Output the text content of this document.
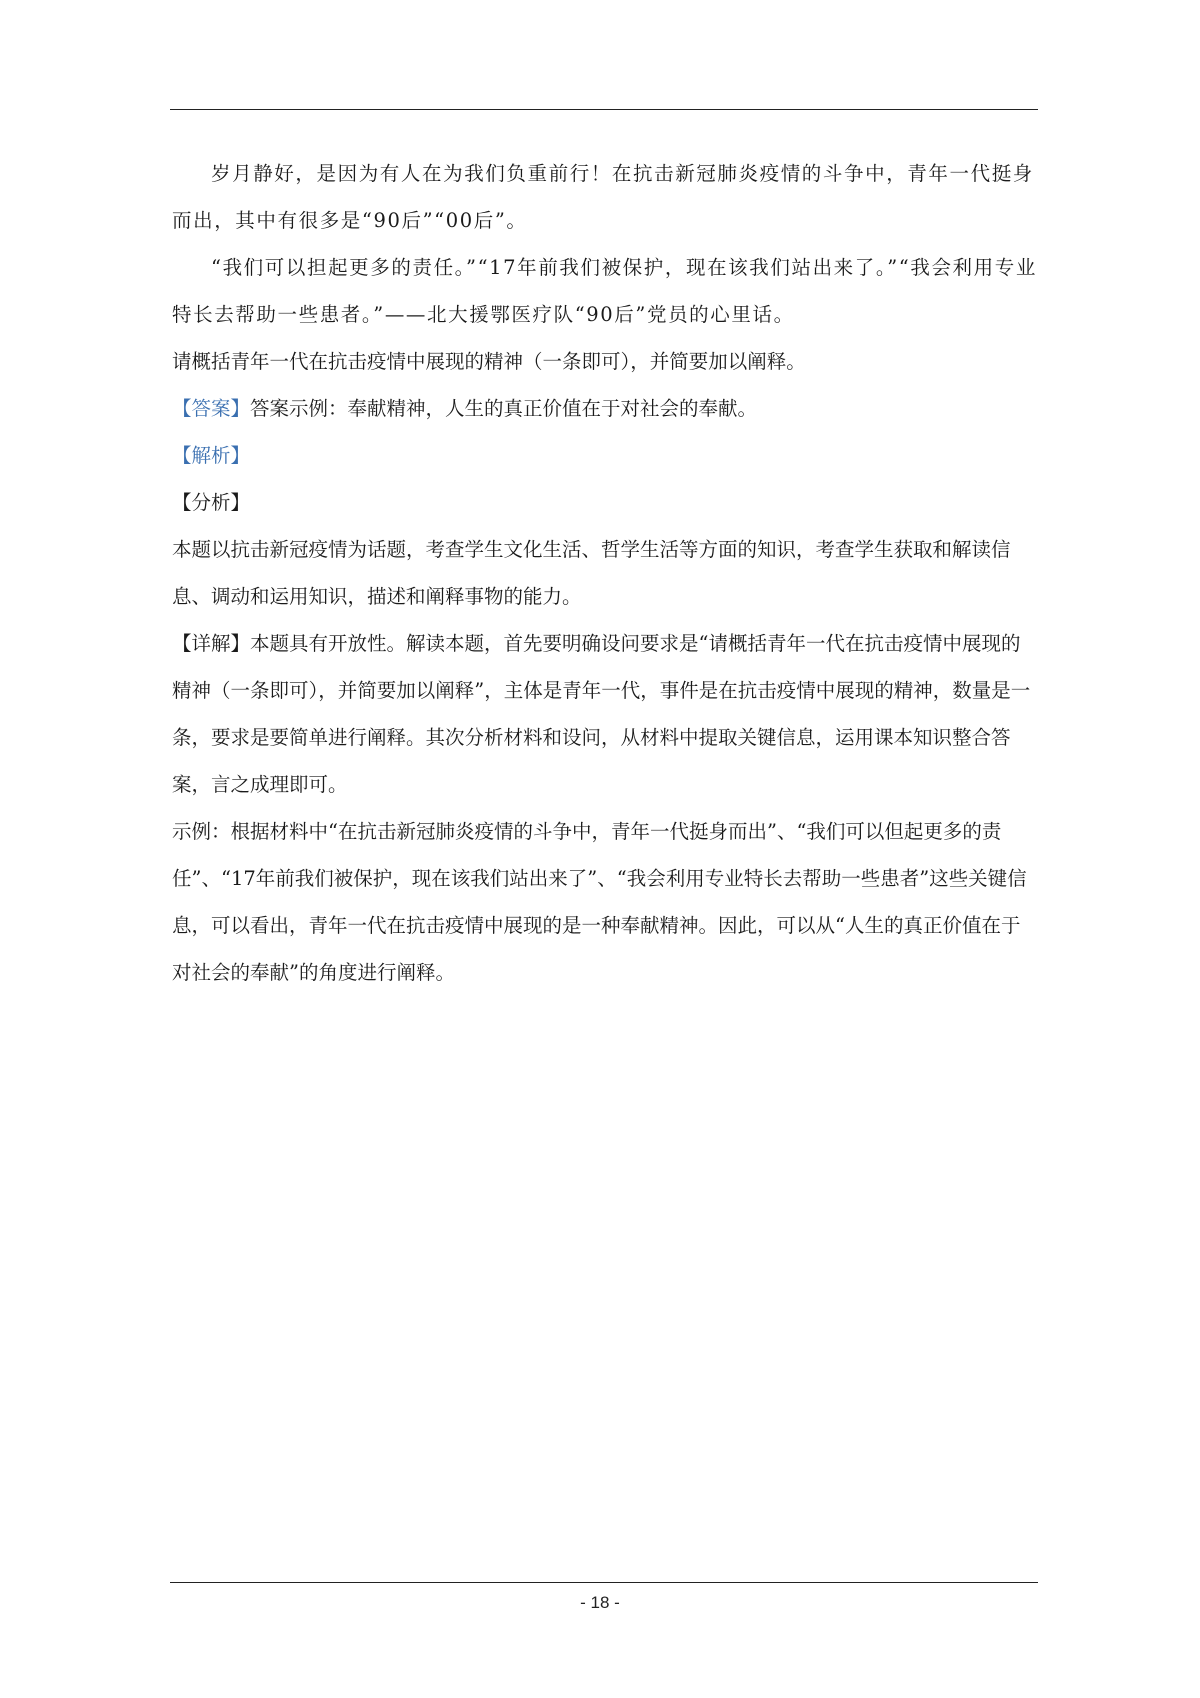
岁月静好，是因为有人在为我们负重前行！在抗击新冠肺炎疫情的斗争中，青年一代挺身而出，其中有很多是“90后”“00后”。

“我们可以担起更多的责任。”“17年前我们被保护，现在该我们站出来了。”“我会利用专业特长去帮助一些患者。”——北大援鄂医疗队“90后”党员的心里话。

请概括青年一代在抗击疫情中展现的精神（一条即可），并简要加以阐释。

【答案】答案示例：奉献精神，人生的真正价值在于对社会的奉献。

【解析】

【分析】

本题以抗击新冠疫情为话题，考查学生文化生活、哲学生活等方面的知识，考查学生获取和解读信息、调动和运用知识，描述和阐释事物的能力。

【详解】本题具有开放性。解读本题，首先要明确设问要求是“请概括青年一代在抗击疫情中展现的精神（一条即可），并简要加以阐释”，主体是青年一代，事件是在抗击疫情中展现的精神，数量是一条，要求是要简单进行阐释。其次分析材料和设问，从材料中提取关键信息，运用课本知识整合答案，言之成理即可。

示例：根据材料中“在抗击新冠肺炎疫情的斗争中，青年一代挺身而出”、“我们可以但起更多的责任”、“17年前我们被保护，现在该我们站出来了”、“我会利用专业特长去帮助一些患者”这些关键信息，可以看出，青年一代在抗击疫情中展现的是一种奉献精神。因此，可以从“人生的真正价值在于对社会的奉献”的角度进行阐释。

- 18 -
